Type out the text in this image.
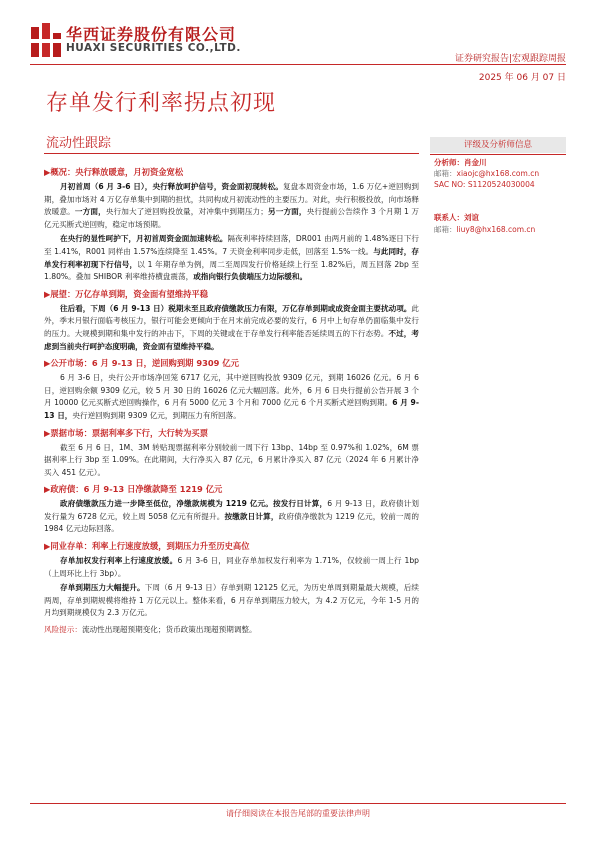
华西证券股份有限公司
HUAXI SECURITIES CO.,LTD.
证券研究报告|宏观跟踪周报
2025 年 06 月 07 日
存单发行利率拐点初现
流动性跟踪	评级及分析师信息
分析师：肖金川
邮箱：xiaojc@hx168.com.cn
SAC NO: S1120524030004
联系人：刘谊
邮箱：liuy8@hx168.com.cn
▶概况：央行释放暖意，月初资金宽松
月初首周（6 月 3-6 日），央行释放呵护信号，资金面初现转松。复盘本周资金市场，1.6 万亿+逆回购到期，叠加市场对 4 万亿存单集中到期的担忧，共同构成月初流动性的主要压力。对此，央行积极投放，向市场释放暖意。一方面，央行加大了逆回购投放量，对冲集中到期压力；另一方面，央行提前公告续作 3 个月期 1 万亿元买断式逆回购，稳定市场预期。
在央行的显性呵护下，月初首周资金面加速转松。隔夜利率持续回落，DR001 由两月前的 1.48%逐日下行至 1.41%，R001 同样由 1.57%连续降至 1.45%。7 天资金利率同步走低，回落至 1.5%一线。与此同时，存单发行利率初现下行信号，以 1 年期存单为例，周二至周四发行价格延续上行至 1.82%后，周五回落 2bp 至 1.80%。叠加 SHIBOR 利率维持横盘震荡，或指向银行负债端压力边际缓和。
▶展望：万亿存单到期，资金面有望维持平稳
往后看，下周（6 月 9-13 日）税期未至且政府债缴款压力有限，万亿存单到期或成资金面主要扰动项。此外，季末月银行面临考核压力，银行可能会更倾向于在月末前完成必要的发行，6 月中上旬存单仍面临集中发行的压力。大规模到期和集中发行的冲击下，下周的关键或在于存单发行利率能否延续周五的下行态势。不过，考虑到当前央行呵护态度明确，资金面有望维持平稳。
▶公开市场：6 月 9-13 日，逆回购到期 9309 亿元
6 月 3-6 日，央行公开市场净回笼 6717 亿元，其中逆回购投放 9309 亿元，到期 16026 亿元。6 月 6 日，逆回购余额 9309 亿元，较 5 月 30 日的 16026 亿元大幅回落。此外，6 月 6 日央行提前公告开展 3 个月 10000 亿元买断式逆回购操作，6 月有 5000 亿元 3 个月和 7000 亿元 6 个月买断式逆回购到期。6 月 9-13 日，央行逆回购到期 9309 亿元，到期压力有所回落。
▶票据市场：票据利率多下行，大行转为买票
截至 6 月 6 日，1M、3M 转贴现票据利率分别较前一周下行 13bp、14bp 至 0.97%和 1.02%，6M 票据利率上行 3bp 至 1.09%。在此期间，大行净买入 87 亿元，6 月累计净买入 87 亿元（2024 年 6 月累计净买入 451 亿元）。
▶政府债：6 月 9-13 日净缴款降至 1219 亿元
政府债缴款压力进一步降至低位，净缴款规模为 1219 亿元。按发行日计算，6 月 9-13 日，政府债计划发行量为 6728 亿元，较上周 5058 亿元有所提升。按缴款日计算，政府债净缴款为 1219 亿元，较前一周的 1984 亿元边际回落。
▶同业存单：利率上行速度放缓，到期压力升至历史高位
存单加权发行利率上行速度放缓。6 月 3-6 日，同业存单加权发行利率为 1.71%，仅较前一周上行 1bp（上周环比上行 3bp）。
存单到期压力大幅提升。下周（6 月 9-13 日）存单到期 12125 亿元，为历史单周到期量最大规模，后续两周，存单到期规模将维持 1 万亿元以上。整体来看，6 月存单到期压力较大，为 4.2 万亿元，今年 1-5 月的月均到期规模仅为 2.3 万亿元。
风险提示：流动性出现超预期变化；货币政策出现超预期调整。
请仔细阅读在本报告尾部的重要法律声明
